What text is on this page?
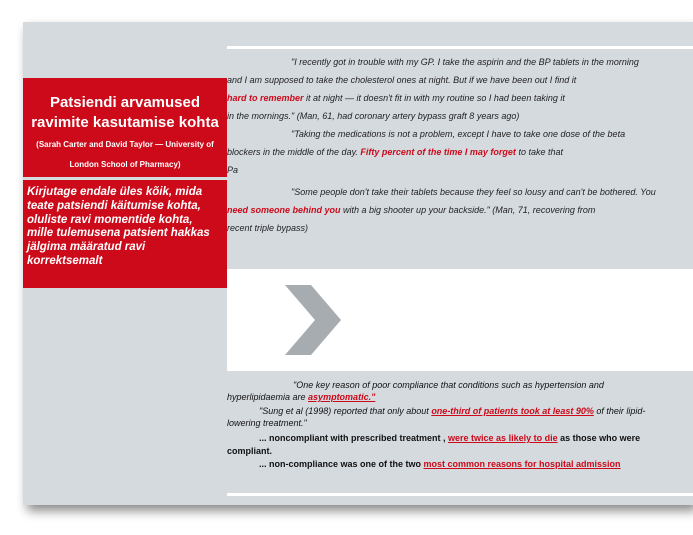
Patsiendi arvamused ravimite kasutamise kohta (Sarah Carter and David Taylor — University of London School of Pharmacy)
Kirjutage endale üles kõik, mida teate patsiendi käitumise kohta, oluliste ravi momentide kohta, mille tulemusena patsient hakkas jälgima määratud ravi korrektsemalt

"I recently got in trouble with my GP. I take the aspirin and the BP tablets in the morning

and I am supposed to take the cholesterol ones at night. But if we have been out I find it

hard to remember it at night — it doesn't fit in with my routine so I had been taking it

in the mornings." (Man, 61, had coronary artery bypass graft 8 years ago)

"Taking the medications is not a problem, except I have to take one dose of the beta

blockers in the middle of the day. Fifty percent of the time I may forget to take that

Pa

"Some people don't take their tablets because they feel so lousy and can't be bothered. You

need someone behind you with a big shooter up your backside." (Man, 71, recovering from

recent triple bypass)

"One key reason of poor compliance that conditions such as hypertension and

hyperlipidaemia are asymptomatic."

"Sung et al (1998) reported that only about one-third of patients took at least 90% of their lipid-

lowering treatment."

... noncompliant with prescribed treatment , were twice as likely to die as those who were

compliant.

... non-compliance was one of the two most common reasons for hospital admission
